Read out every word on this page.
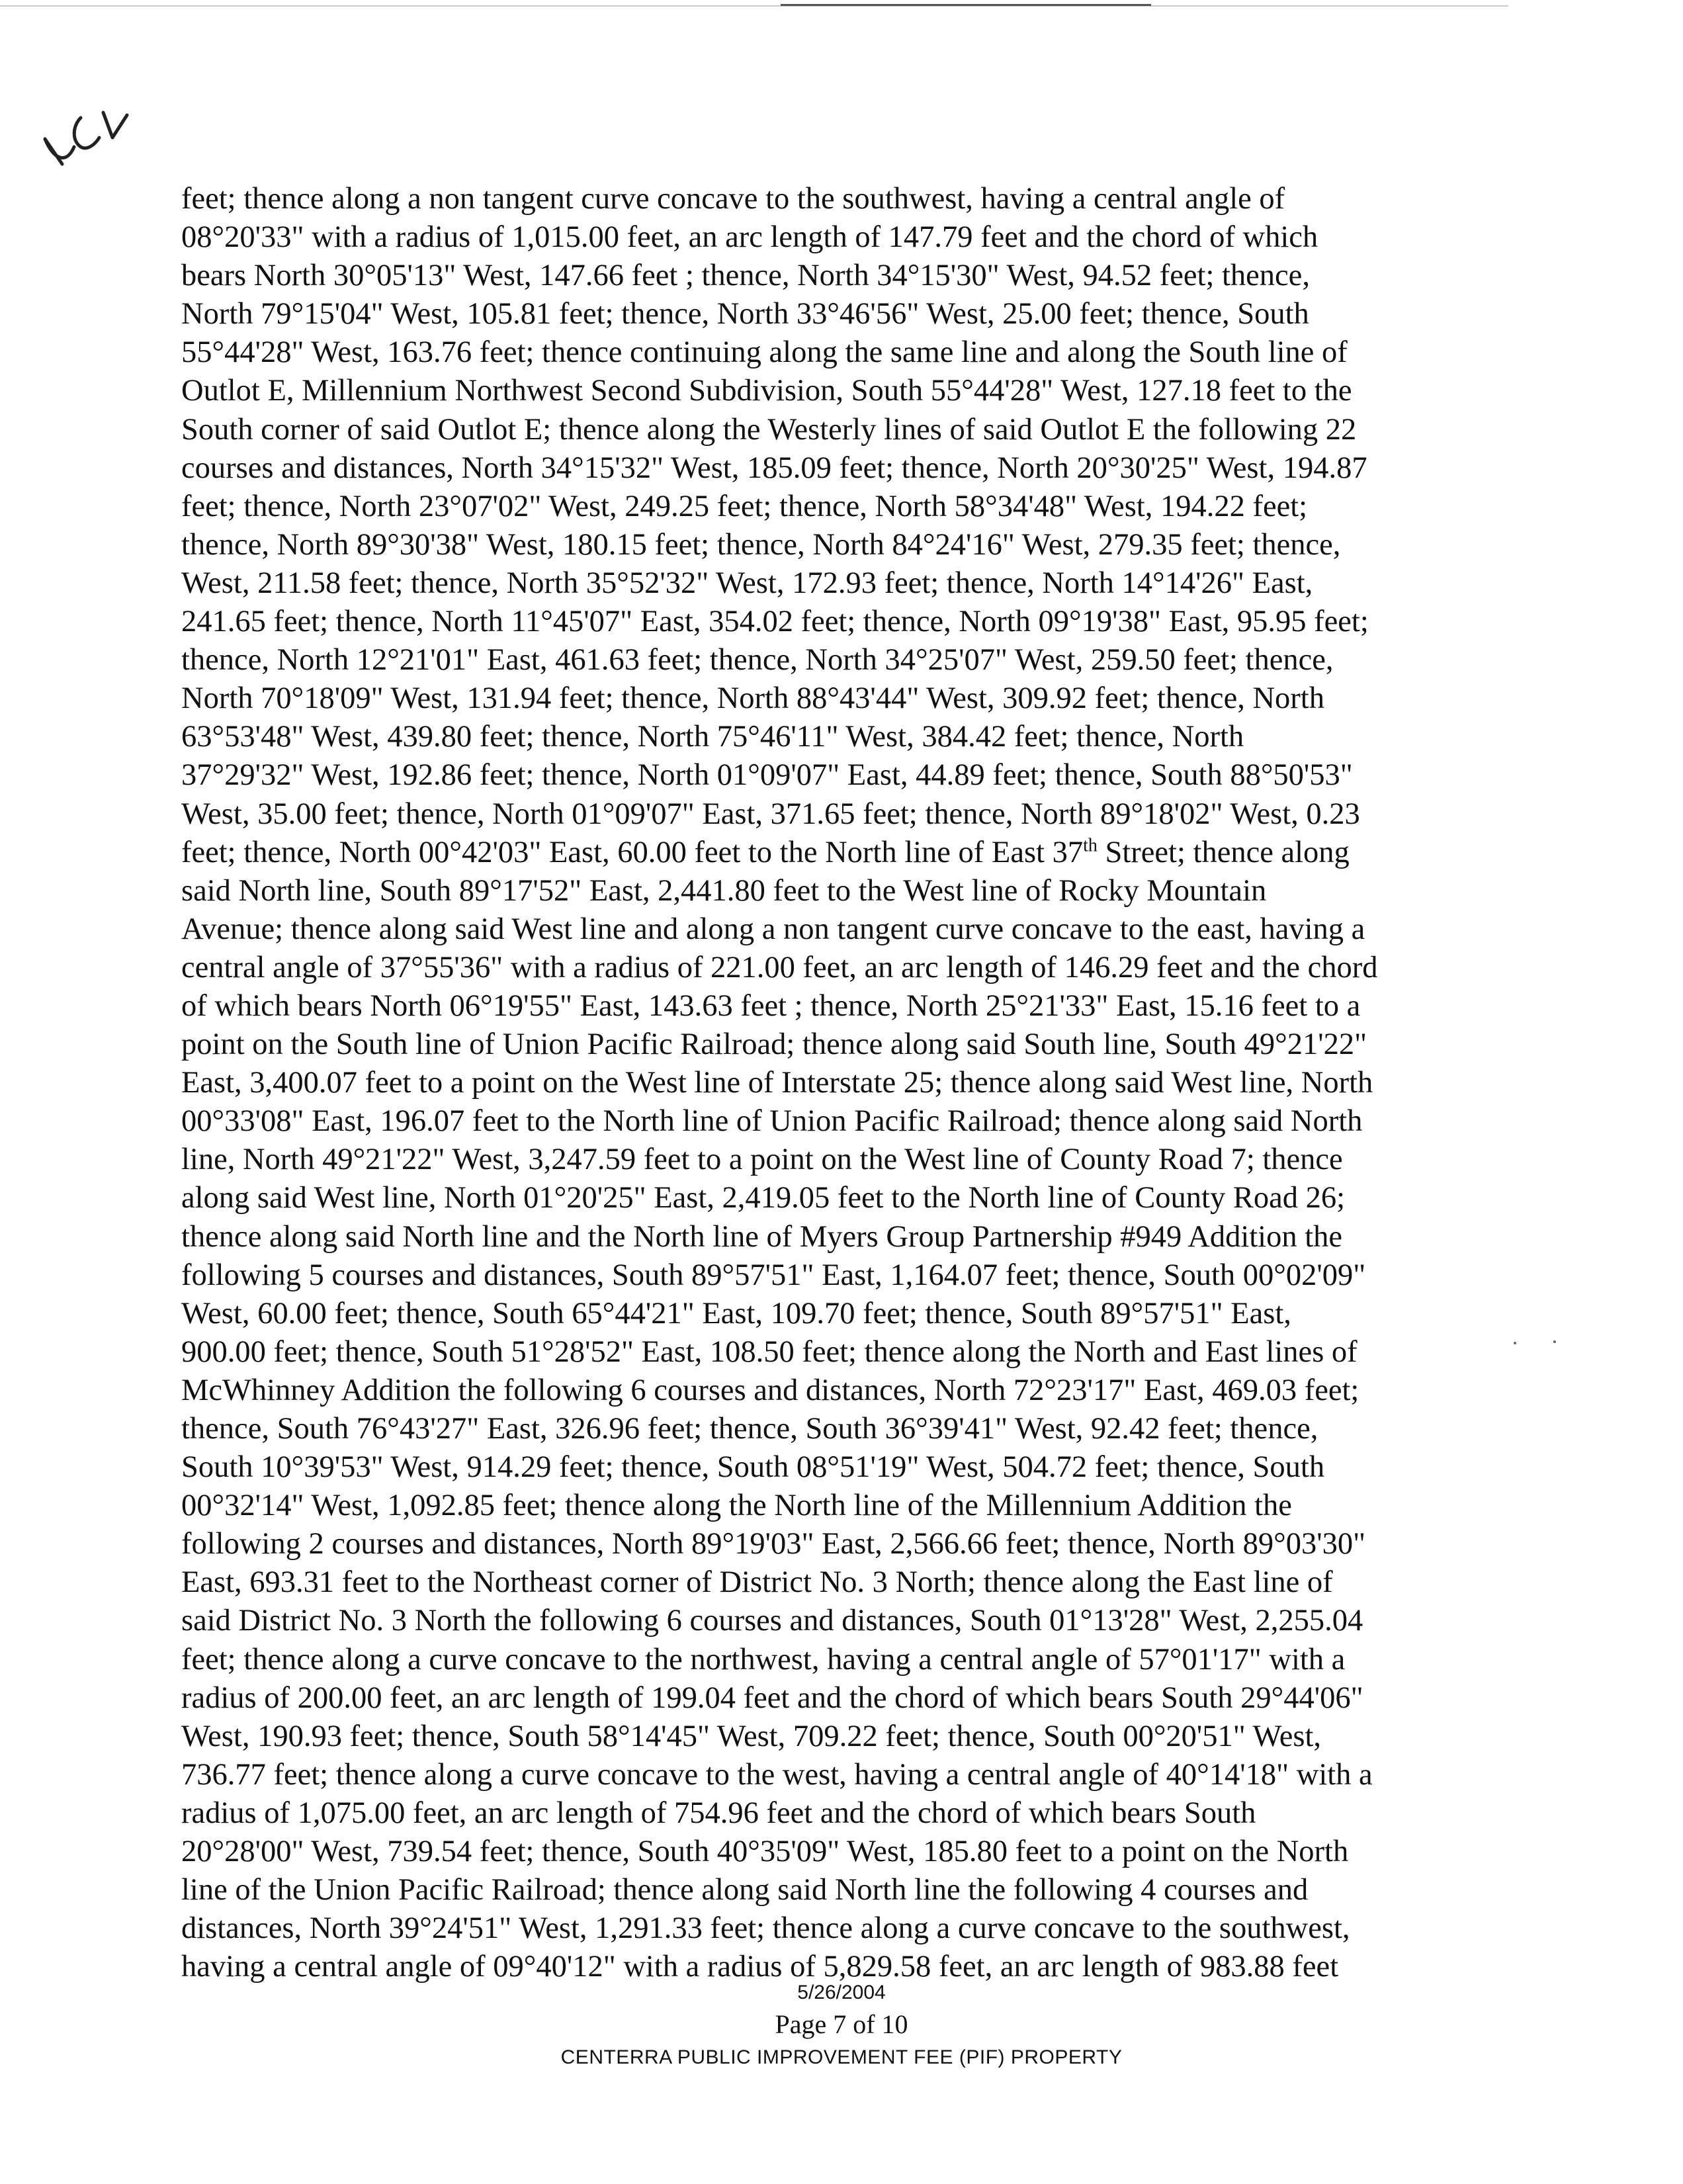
feet; thence along a non tangent curve concave to the southwest, having a central angle of
08°20'33" with a radius of 1,015.00 feet, an arc length of 147.79 feet and the chord of which
bears North 30°05'13" West, 147.66 feet ; thence, North 34°15'30" West, 94.52 feet; thence,
North 79°15'04" West, 105.81 feet; thence, North 33°46'56" West, 25.00 feet; thence, South
55°44'28" West, 163.76 feet; thence continuing along the same line and along the South line of
Outlot E, Millennium Northwest Second Subdivision, South 55°44'28" West, 127.18 feet to the
South corner of said Outlot E; thence along the Westerly lines of said Outlot E the following 22
courses and distances, North 34°15'32" West, 185.09 feet; thence, North 20°30'25" West, 194.87
feet; thence, North 23°07'02" West, 249.25 feet; thence, North 58°34'48" West, 194.22 feet;
thence, North 89°30'38" West, 180.15 feet; thence, North 84°24'16" West, 279.35 feet; thence,
West, 211.58 feet; thence, North 35°52'32" West, 172.93 feet; thence, North 14°14'26" East,
241.65 feet; thence, North 11°45'07" East, 354.02 feet; thence, North 09°19'38" East, 95.95 feet;
thence, North 12°21'01" East, 461.63 feet; thence, North 34°25'07" West, 259.50 feet; thence,
North 70°18'09" West, 131.94 feet; thence, North 88°43'44" West, 309.92 feet; thence, North
63°53'48" West, 439.80 feet; thence, North 75°46'11" West, 384.42 feet; thence, North
37°29'32" West, 192.86 feet; thence, North 01°09'07" East, 44.89 feet; thence, South 88°50'53"
West, 35.00 feet; thence, North 01°09'07" East, 371.65 feet; thence, North 89°18'02" West, 0.23
feet; thence, North 00°42'03" East, 60.00 feet to the North line of East 37th Street; thence along
said North line, South 89°17'52" East, 2,441.80 feet to the West line of Rocky Mountain
Avenue; thence along said West line and along a non tangent curve concave to the east, having a
central angle of 37°55'36" with a radius of 221.00 feet, an arc length of 146.29 feet and the chord
of which bears North 06°19'55" East, 143.63 feet ; thence, North 25°21'33" East, 15.16 feet to a
point on the South line of Union Pacific Railroad; thence along said South line, South 49°21'22"
East, 3,400.07 feet to a point on the West line of Interstate 25; thence along said West line, North
00°33'08" East, 196.07 feet to the North line of Union Pacific Railroad; thence along said North
line, North 49°21'22" West, 3,247.59 feet to a point on the West line of County Road 7; thence
along said West line, North 01°20'25" East, 2,419.05 feet to the North line of County Road 26;
thence along said North line and the North line of Myers Group Partnership #949 Addition the
following 5 courses and distances, South 89°57'51" East, 1,164.07 feet; thence, South 00°02'09"
West, 60.00 feet; thence, South 65°44'21" East, 109.70 feet; thence, South 89°57'51" East,
900.00 feet; thence, South 51°28'52" East, 108.50 feet; thence along the North and East lines of
McWhinney Addition the following 6 courses and distances, North 72°23'17" East, 469.03 feet;
thence, South 76°43'27" East, 326.96 feet; thence, South 36°39'41" West, 92.42 feet; thence,
South 10°39'53" West, 914.29 feet; thence, South 08°51'19" West, 504.72 feet; thence, South
00°32'14" West, 1,092.85 feet; thence along the North line of the Millennium Addition the
following 2 courses and distances, North 89°19'03" East, 2,566.66 feet; thence, North 89°03'30"
East, 693.31 feet to the Northeast corner of District No. 3 North; thence along the East line of
said District No. 3 North the following 6 courses and distances, South 01°13'28" West, 2,255.04
feet; thence along a curve concave to the northwest, having a central angle of 57°01'17" with a
radius of 200.00 feet, an arc length of 199.04 feet and the chord of which bears South 29°44'06"
West, 190.93 feet; thence, South 58°14'45" West, 709.22 feet; thence, South 00°20'51" West,
736.77 feet; thence along a curve concave to the west, having a central angle of 40°14'18" with a
radius of 1,075.00 feet, an arc length of 754.96 feet and the chord of which bears South
20°28'00" West, 739.54 feet; thence, South 40°35'09" West, 185.80 feet to a point on the North
line of the Union Pacific Railroad; thence along said North line the following 4 courses and
distances, North 39°24'51" West, 1,291.33 feet; thence along a curve concave to the southwest,
having a central angle of 09°40'12" with a radius of 5,829.58 feet, an arc length of 983.88 feet
5/26/2004
Page 7 of 10
CENTERRA PUBLIC IMPROVEMENT FEE (PIF) PROPERTY
